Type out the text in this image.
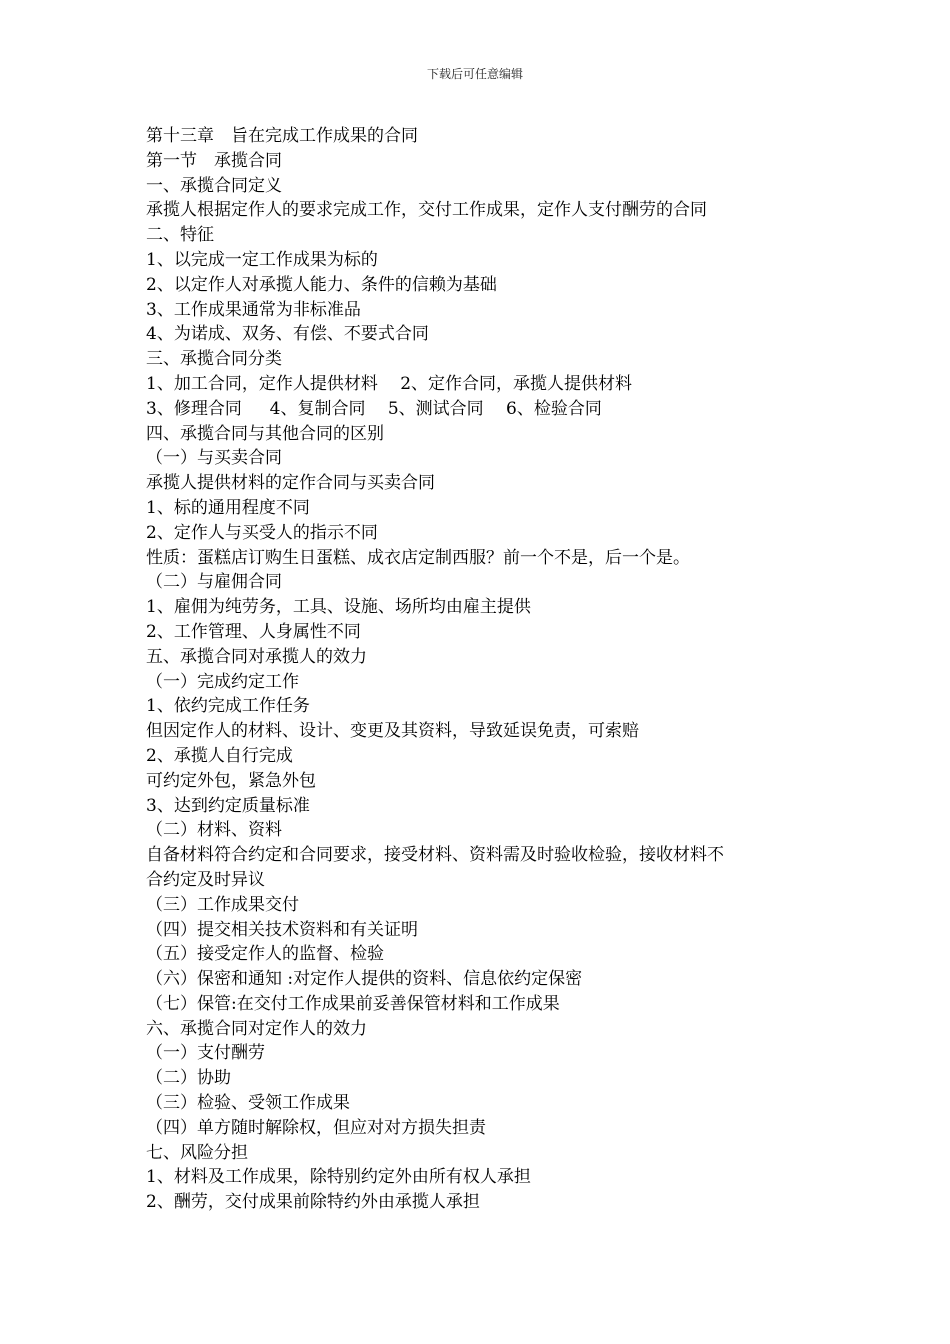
下载后可任意编辑

第十三章　旨在完成工作成果的合同

第一节　承揽合同

一、承揽合同定义

承揽人根据定作人的要求完成工作，交付工作成果，定作人支付酬劳的合同

二、特征

1、以完成一定工作成果为标的

2、以定作人对承揽人能力、条件的信赖为基础

3、工作成果通常为非标准品

4、为诺成、双务、有偿、不要式合同

三、承揽合同分类

1、加工合同，定作人提供材料　 2、定作合同，承揽人提供材料

3、修理合同 　 4、复制合同　 5、测试合同　 6、检验合同

四、承揽合同与其他合同的区别

（一）与买卖合同

承揽人提供材料的定作合同与买卖合同

1、标的通用程度不同

2、定作人与买受人的指示不同

性质：蛋糕店订购生日蛋糕、成衣店定制西服？前一个不是，后一个是。

（二）与雇佣合同

1、雇佣为纯劳务，工具、设施、场所均由雇主提供

2、工作管理、人身属性不同

五、承揽合同对承揽人的效力

（一）完成约定工作

1、依约完成工作任务

但因定作人的材料、设计、变更及其资料，导致延误免责，可索赔

2、承揽人自行完成

可约定外包，紧急外包

3、达到约定质量标准

（二）材料、资料

自备材料符合约定和合同要求，接受材料、资料需及时验收检验，接收材料不

合约定及时异议

（三）工作成果交付

（四）提交相关技术资料和有关证明

（五）接受定作人的监督、检验

（六）保密和通知 :对定作人提供的资料、信息依约定保密

（七）保管:在交付工作成果前妥善保管材料和工作成果

六、承揽合同对定作人的效力

（一）支付酬劳

（二）协助

（三）检验、受领工作成果

（四）单方随时解除权，但应对对方损失担责

七、风险分担

1、材料及工作成果，除特别约定外由所有权人承担

2、酬劳，交付成果前除特约外由承揽人承担
